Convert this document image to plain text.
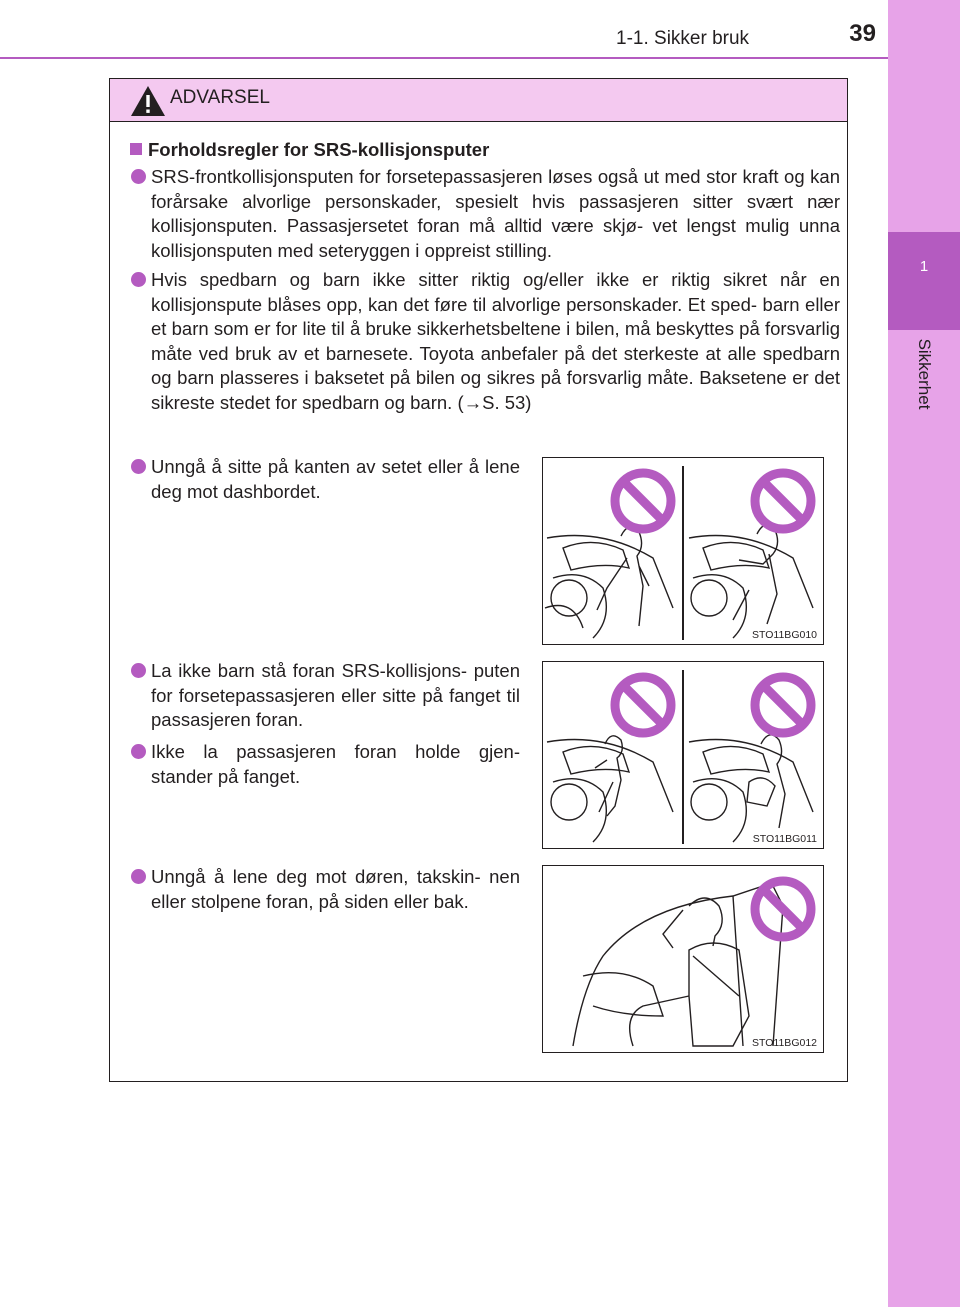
1
Sikkerhet
1-1. Sikker bruk	39
ADVARSEL
Forholdsregler for SRS-kollisjonsputer
SRS-frontkollisjonsputen for forsetepassasjeren løses også ut med stor kraft og kan forårsake alvorlige personskader, spesielt hvis passasjeren sitter svært nær kollisjonsputen. Passasjersetet foran må alltid være skjø- vet lengst mulig unna kollisjonsputen med seteryggen i oppreist stilling.
Hvis spedbarn og barn ikke sitter riktig og/eller ikke er riktig sikret når en kollisjonspute blåses opp, kan det føre til alvorlige personskader. Et sped- barn eller et barn som er for lite til å bruke sikkerhetsbeltene i bilen, må beskyttes på forsvarlig måte ved bruk av et barnesete. Toyota anbefaler på det sterkeste at alle spedbarn og barn plasseres i baksetet på bilen og sikres på forsvarlig måte. Baksetene er det sikreste stedet for spedbarn og barn. (→S. 53)
Unngå å sitte på kanten av setet eller å lene deg mot dashbordet.
La ikke barn stå foran SRS-kollisjons- puten for forsetepassasjeren eller sitte på fanget til passasjeren foran.
Ikke la passasjeren foran holde gjen- stander på fanget.
Unngå å lene deg mot døren, takskin- nen eller stolpene foran, på siden eller bak.
STO11BG010
STO11BG011
STO11BG012
